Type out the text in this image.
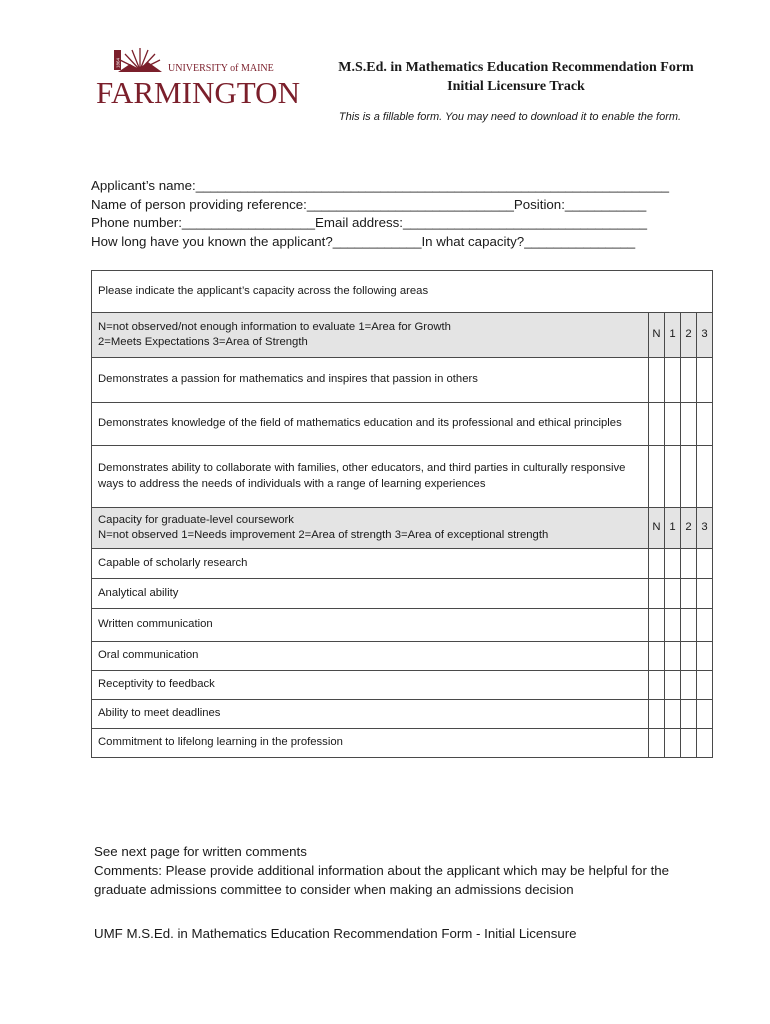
1864
UNIVERSITY of MAINE
FARMINGTON
M.S.Ed. in Mathematics Education Recommendation Form
Initial Licensure Track
This is a fillable form. You may need to download it to enable the form.
Applicant’s name:________________________________________________________________
Name of person providing reference:____________________________Position:___________
Phone number:__________________Email address:_________________________________
How long have you known the applicant?____________In what capacity?_______________
Please indicate the applicant’s capacity across the following areas				

N=not observed/not enough information to evaluate 1=Area for Growth
2=Meets Expectations 3=Area of Strength	N	1	2	3
Demonstrates a passion for mathematics and inspires that passion in others				
Demonstrates knowledge of the field of mathematics education and its professional and ethical principles				
Demonstrates ability to collaborate with families, other educators, and third parties in culturally responsive ways to address the needs of individuals with a range of learning experiences				

Capacity for graduate-level coursework
N=not observed 1=Needs improvement 2=Area of strength 3=Area of exceptional strength	N	1	2	3
Capable of scholarly research				
Analytical ability				
Written communication				
Oral communication				
Receptivity to feedback				
Ability to meet deadlines				
Commitment to lifelong learning in the profession				
See next page for written comments
Comments: Please provide additional information about the applicant which may be helpful for the graduate admissions committee to consider when making an admissions decision
UMF M.S.Ed. in Mathematics Education Recommendation Form - Initial Licensure
